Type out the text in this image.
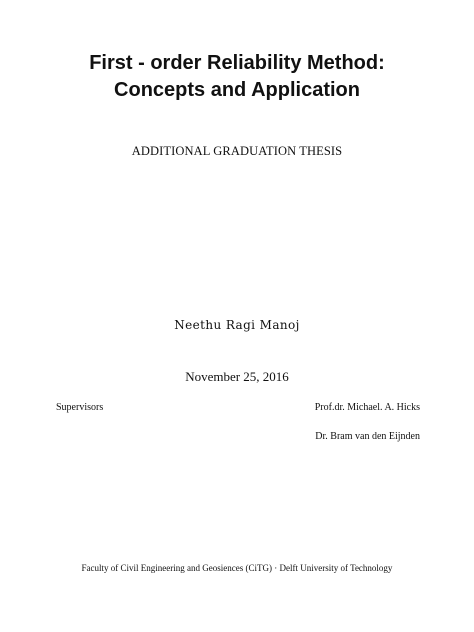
First - order Reliability Method:
Concepts and Application
ADDITIONAL GRADUATION THESIS
Neethu Ragi Manoj
November 25, 2016
Supervisors	Prof.dr. Michael. A. Hicks
Dr. Bram van den Eijnden
Faculty of Civil Engineering and Geosiences (CiTG) · Delft University of Technology
